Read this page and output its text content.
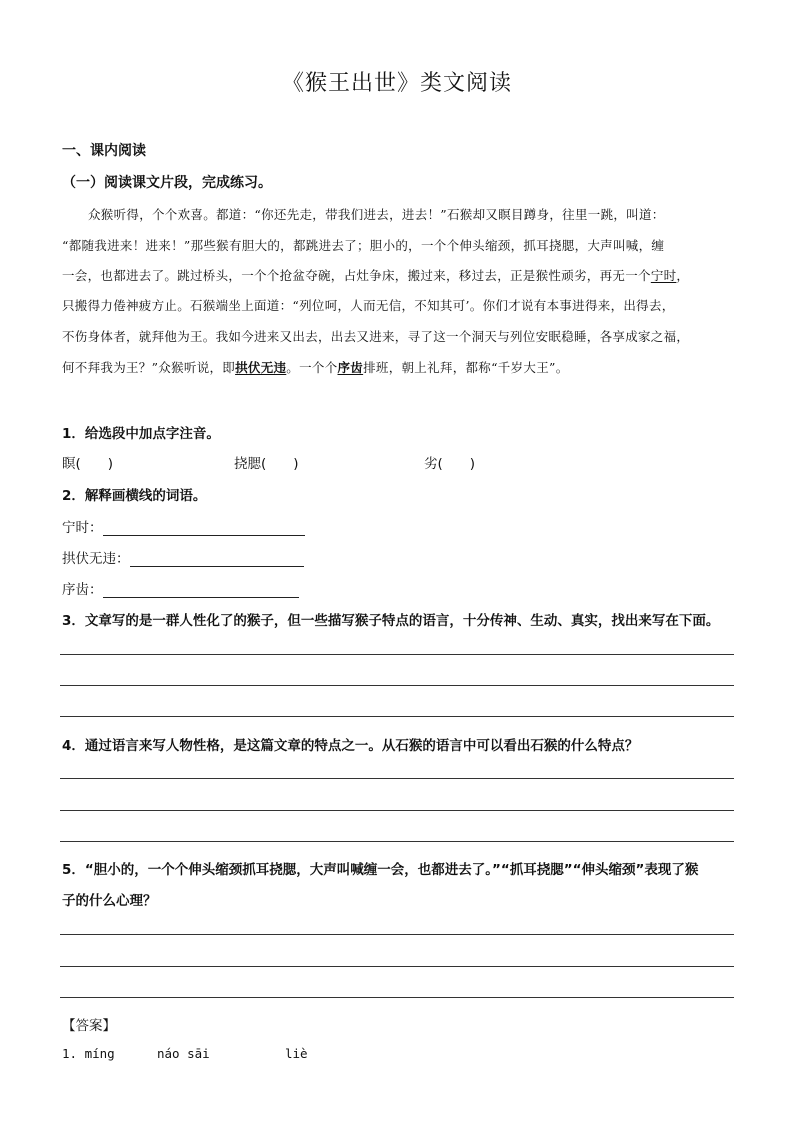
《猴王出世》类文阅读
一、课内阅读
（一）阅读课文片段，完成练习。
众猴听得，个个欢喜。都道：“你还先走，带我们进去，进去！”石猴却又瞑目蹲身，往里一跳，叫道：
“都随我进来！进来！”那些猴有胆大的，都跳进去了；胆小的，一个个伸头缩颈，抓耳挠腮，大声叫喊，缠
一会，也都进去了。跳过桥头，一个个抢盆夺碗，占灶争床，搬过来，移过去，正是猴性顽劣，再无一个宁时，
只搬得力倦神疲方止。石猴端坐上面道：“列位呵，人而无信，不知其可’。你们才说有本事进得来，出得去，
不伤身体者，就拜他为王。我如今进来又出去，出去又进来，寻了这一个洞天与列位安眠稳睡，各享成家之福，
何不拜我为王？”众猴听说，即拱伏无违。一个个序齿排班，朝上礼拜，都称“千岁大王”。
1．给选段中加点字注音。
瞑(　　)	挠腮(　　)	劣(　　)
2．解释画横线的词语。
宁时：
拱伏无违：
序齿：
3．文章写的是一群人性化了的猴子，但一些描写猴子特点的语言，十分传神、生动、真实，找出来写在下面。
4．通过语言来写人物性格，是这篇文章的特点之一。从石猴的语言中可以看出石猴的什么特点？
5．“胆小的，一个个伸头缩颈抓耳挠腮，大声叫喊缠一会，也都进去了。”“抓耳挠腮”“伸头缩颈”表现了猴
子的什么心理？
【答案】
1. míng	náo sāi	liè
